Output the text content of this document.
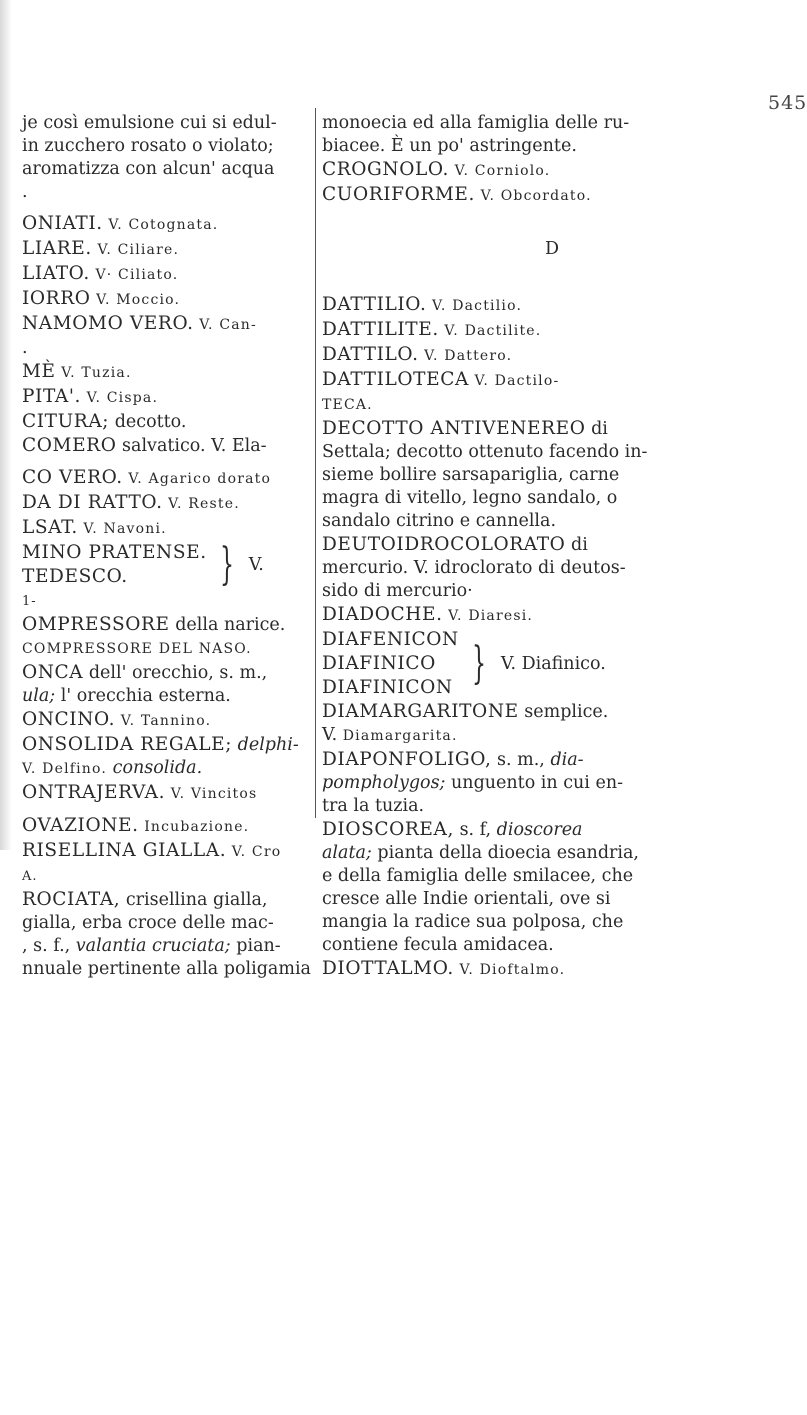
545
je così emulsione cui si edul-
in zucchero rosato o violato;
aromatizza con alcun' acqua
.
ONIATI. V. Cotognata.
LIARE. V. Ciliare.
LIATO. V· Ciliato.
IORRO V. Moccio.
NAMOMO VERO. V. Can-
.
MÈ V. Tuzia.
PITA'. V. Cispa.
CITURA; decotto.
COMERO salvatico. V. Ela-
CO VERO. V. Agarico dorato
DA DI RATTO. V. Reste.
LSAT. V. Navoni.
MINO PRATENSE.
TEDESCO.	} V.
1-
OMPRESSORE della narice.
COMPRESSORE DEL NASO.
ONCA dell' orecchio, s. m.,
ula; l' orecchia esterna.
ONCINO. V. Tannino.
ONSOLIDA REGALE; delphi-
V. Delfino. consolida.
ONTRAJERVA. V. Vincitos
OVAZIONE. Incubazione.
RISELLINA GIALLA. V. Cro
A.
ROCIATA, crisellina gialla,
gialla, erba croce delle mac-
, s. f., valantia cruciata; pian-
nnuale pertinente alla poligamia
monoecia ed alla famiglia delle ru-
biacee. È un po' astringente.
CROGNOLO. V. Corniolo.
CUORIFORME. V. Obcordato.
D
DATTILIO. V. Dactilio.
DATTILITE. V. Dactilite.
DATTILO. V. Dattero.
DATTILOTECA V. Dactilo-
TECA.
DECOTTO ANTIVENEREO di
Settala; decotto ottenuto facendo in-
sieme bollire sarsapariglia, carne
magra di vitello, legno sandalo, o
sandalo citrino e cannella.
DEUTOIDROCOLORATO di
mercurio. V. idroclorato di deutos-
sido di mercurio·
DIADOCHE. V. Diaresi.
DIAFENICON
DIAFINICO
DIAFINICON } V. Diafinico.
DIAMARGARITONE semplice.
V. Diamargarita.
DIAPONFOLIGO, s. m., dia-
pompholygos; unguento in cui en-
tra la tuzia.
DIOSCOREA, s. f, dioscorea
alata; pianta della dioecia esandria,
e della famiglia delle smilacee, che
cresce alle Indie orientali, ove si
mangia la radice sua polposa, che
contiene fecula amidacea.
DIOTTALMO. V. Dioftalmo.
